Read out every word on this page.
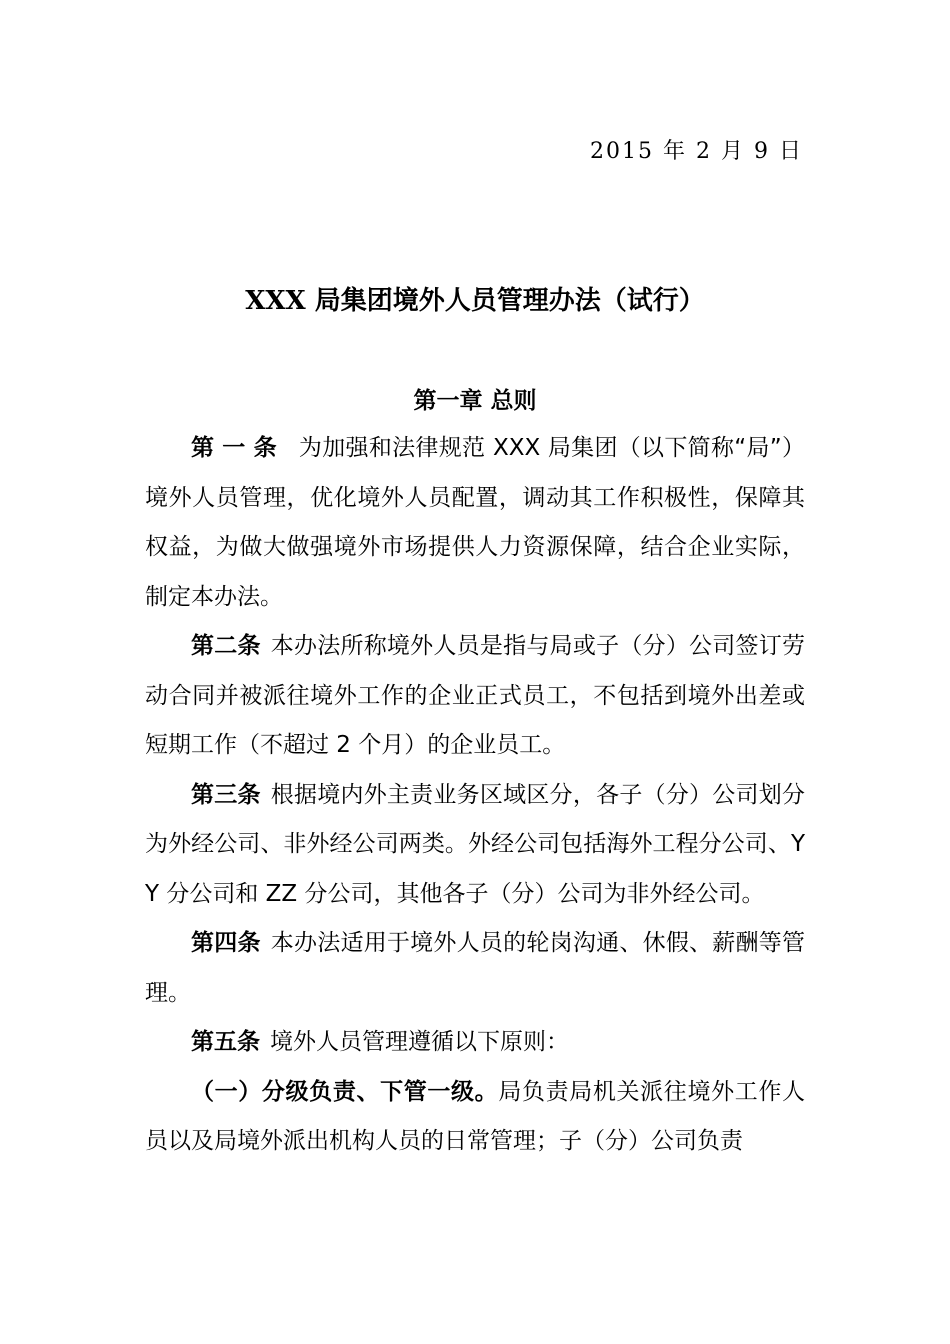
2015 年 2 月 9 日
XXX 局集团境外人员管理办法（试行）
第一章 总则

第一条 为加强和法律规范 XXX 局集团（以下简称“局”）境外人员管理，优化境外人员配置，调动其工作积极性，保障其权益，为做大做强境外市场提供人力资源保障，结合企业实际，制定本办法。

第二条 本办法所称境外人员是指与局或子（分）公司签订劳动合同并被派往境外工作的企业正式员工，不包括到境外出差或短期工作（不超过 2 个月）的企业员工。

第三条 根据境内外主责业务区域区分，各子（分）公司划分为外经公司、非外经公司两类。外经公司包括海外工程分公司、YY 分公司和 ZZ 分公司，其他各子（分）公司为非外经公司。

第四条 本办法适用于境外人员的轮岗沟通、休假、薪酬等管理。

第五条 境外人员管理遵循以下原则：

（一）分级负责、下管一级。局负责局机关派往境外工作人员以及局境外派出机构人员的日常管理；子（分）公司负责
